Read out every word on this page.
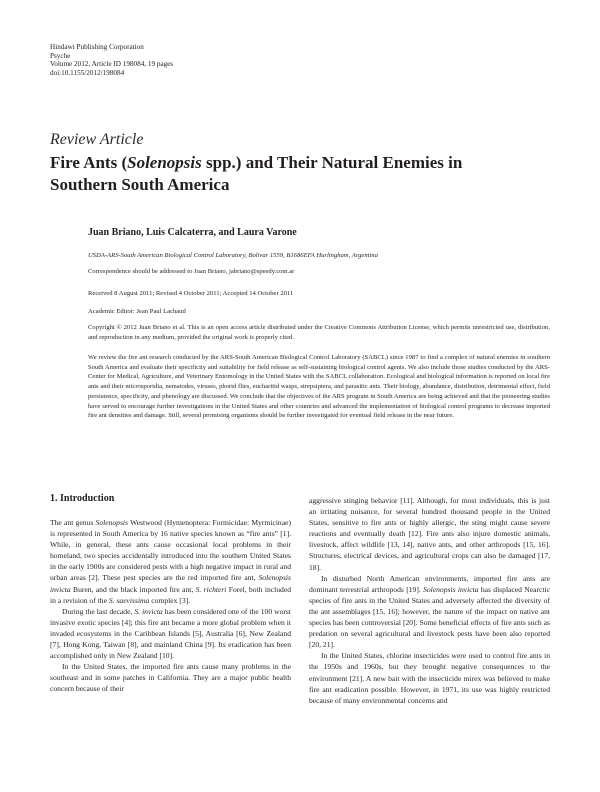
Hindawi Publishing Corporation
Psyche
Volume 2012, Article ID 198084, 19 pages
doi:10.1155/2012/198084
Review Article
Fire Ants (Solenopsis spp.) and Their Natural Enemies in Southern South America
Juan Briano, Luis Calcaterra, and Laura Varone
USDA-ARS-South American Biological Control Laboratory, Bolivar 1559, B1686EFA Hurlingham, Argentina
Correspondence should be addressed to Juan Briano, jabriano@speedy.com.ar
Received 8 August 2011; Revised 4 October 2011; Accepted 14 October 2011
Academic Editor: Jean Paul Lachaud
Copyright © 2012 Juan Briano et al. This is an open access article distributed under the Creative Commons Attribution License, which permits unrestricted use, distribution, and reproduction in any medium, provided the original work is properly cited.
We review the fire ant research conducted by the ARS-South American Biological Control Laboratory (SABCL) since 1987 to find a complex of natural enemies in southern South America and evaluate their specificity and suitability for field release as self-sustaining biological control agents. We also include those studies conducted by the ARS-Center for Medical, Agriculture, and Veterinary Entomology in the United States with the SABCL collaboration. Ecological and biological information is reported on local fire ants and their microsporidia, nematodes, viruses, phorid flies, eucharitid wasps, strepsiptera, and parasitic ants. Their biology, abundance, distribution, detrimental effect, field persistence, specificity, and phenology are discussed. We conclude that the objectives of the ARS program in South America are being achieved and that the pioneering studies have served to encourage further investigations in the United States and other countries and advanced the implementation of biological control programs to decrease imported fire ant densities and damage. Still, several promising organisms should be further investigated for eventual field release in the near future.
1. Introduction

The ant genus Solenopsis Westwood (Hymenoptera: Formicidae: Myrmicinae) is represented in South America by 16 native species known as “fire ants” [1]. While, in general, these ants cause occasional local problems in their homeland, two species accidentally introduced into the southern United States in the early 1900s are considered pests with a high negative impact in rural and urban areas [2]. These pest species are the red imported fire ant, Solenopsis invicta Buren, and the black imported fire ant, S. richteri Forel, both included in a revision of the S. saevissima complex [3].

During the last decade, S. invicta has been considered one of the 100 worst invasive exotic species [4]; this fire ant became a more global problem when it invaded ecosystems in the Caribbean Islands [5], Australia [6], New Zealand [7], Hong Kong, Taiwan [8], and mainland China [9]. Its eradication has been accomplished only in New Zealand [10].

In the United States, the imported fire ants cause many problems in the southeast and in some patches in California. They are a major public health concern because of their

aggressive stinging behavior [11]. Although, for most individuals, this is just an irritating nuisance, for several hundred thousand people in the United States, sensitive to fire ants or highly allergic, the sting might cause severe reactions and eventually death [12]. Fire ants also injure domestic animals, livestock, affect wildlife [13, 14], native ants, and other arthropods [15, 16]. Structures, electrical devices, and agricultural crops can also be damaged [17, 18].

In disturbed North American environments, imported fire ants are dominant terrestrial arthropods [19]. Solenopsis invicta has displaced Nearctic species of fire ants in the United States and adversely affected the diversity of the ant assemblages [15, 16]; however, the nature of the impact on native ant species has been controversial [20]. Some beneficial effects of fire ants such as predation on several agricultural and livestock pests have been also reported [20, 21].

In the United States, chlorine insecticides were used to control fire ants in the 1950s and 1960s, but they brought negative consequences to the environment [21]. A new bait with the insecticide mirex was believed to make fire ant eradication possible. However, in 1971, its use was highly restricted because of many environmental concerns and
